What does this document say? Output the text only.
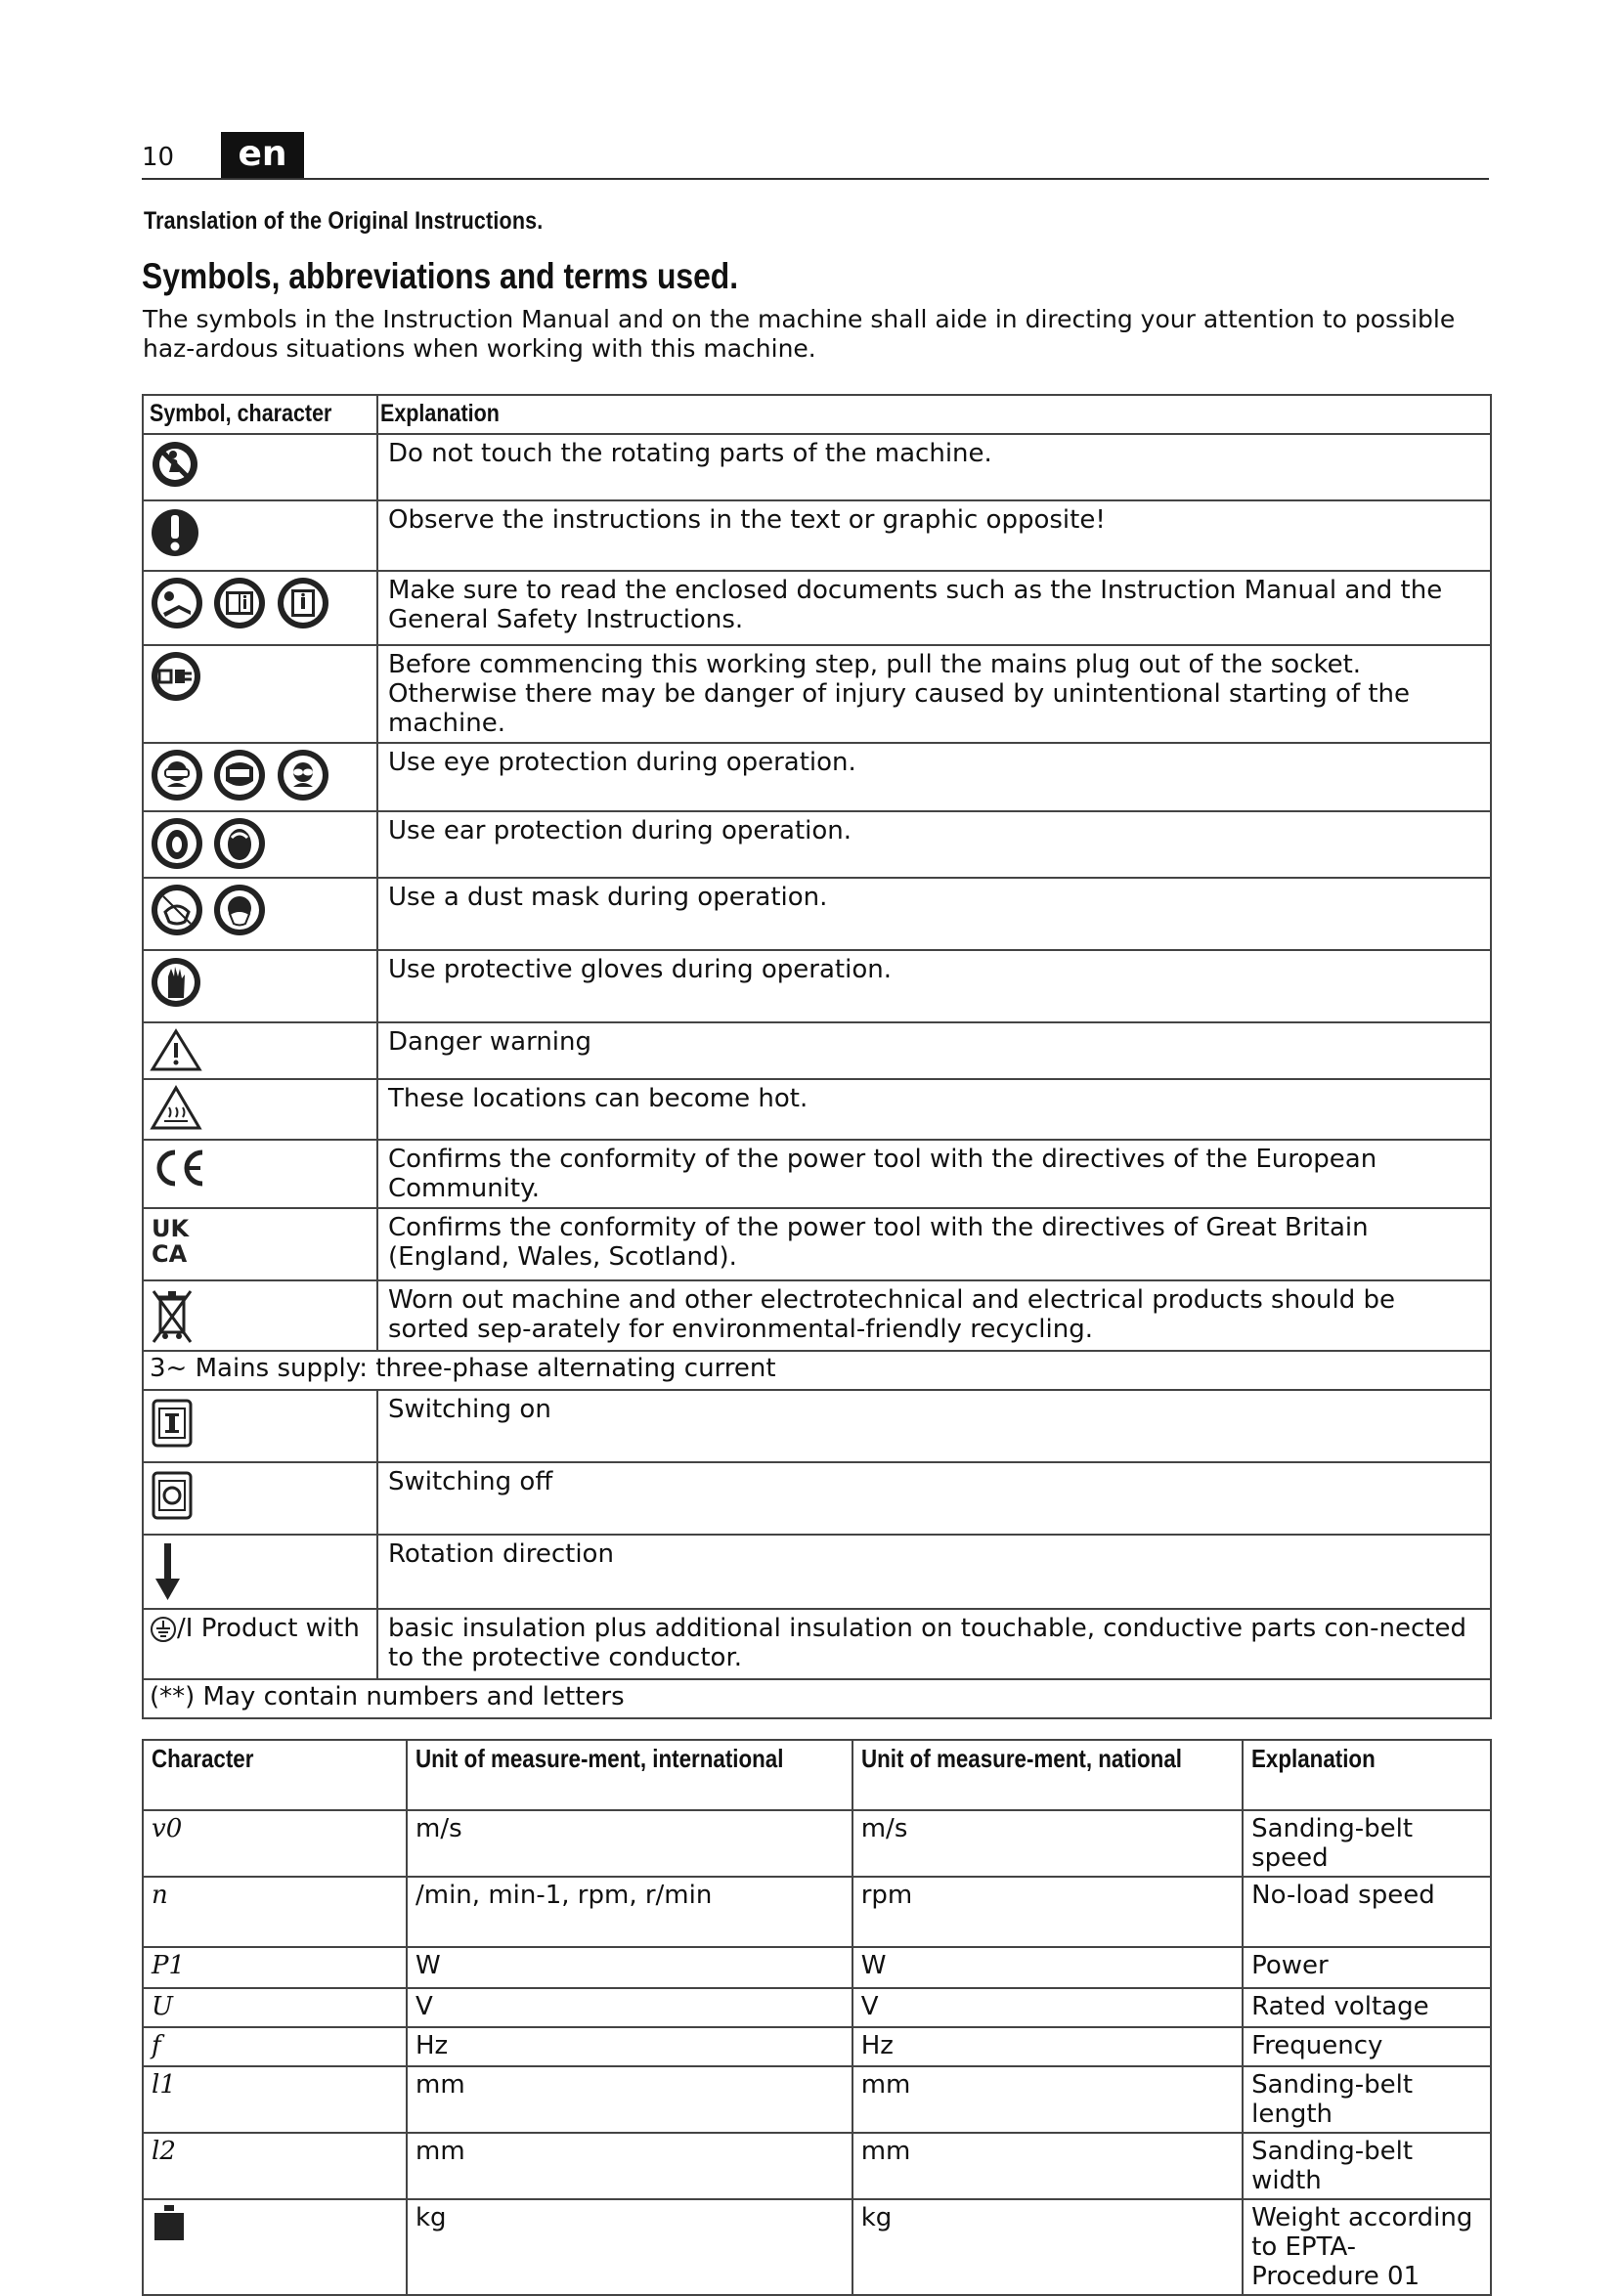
10	en
Translation of the Original Instructions.
Symbols, abbreviations and terms used.
The symbols in the Instruction Manual and on the machine shall aide in directing your attention to possible haz-ardous situations when working with this machine.
Symbol, character	Explanation

	Do not touch the rotating parts of the machine.

	Observe the instructions in the text or graphic opposite!

	Make sure to read the enclosed documents such as the Instruction Manual and the General Safety Instructions.

	Before commencing this working step, pull the mains plug out of the socket. Otherwise there may be danger of injury caused by unintentional starting of the machine.

	Use eye protection during operation.

	Use ear protection during operation.

	Use a dust mask during operation.

	Use protective gloves during operation.

	Danger warning

	These locations can become hot.

	Confirms the conformity of the power tool with the directives of the European Community.

UK
CA	Confirms the conformity of the power tool with the directives of Great Britain (England, Wales, Scotland).

	Worn out machine and other electrotechnical and electrical products should be sorted sep-arately for environmental-friendly recycling.
3~ Mains supply: three-phase alternating current	

	Switching on

	Switching off

	Rotation direction

/I Product with	basic insulation plus additional insulation on touchable, conductive parts con-nected to the protective conductor.
(**) May contain numbers and letters	
Character	Unit of measure-ment, international	Unit of measure-ment, national	Explanation
v0	m/s	m/s	Sanding-belt speed
n	/min, min-1, rpm, r/min	rpm	No-load speed
P1	W	W	Power
U	V	V	Rated voltage
f	Hz	Hz	Frequency
l1	mm	mm	Sanding-belt length
l2	mm	mm	Sanding-belt width

	kg	kg	Weight according to EPTA-Procedure 01
